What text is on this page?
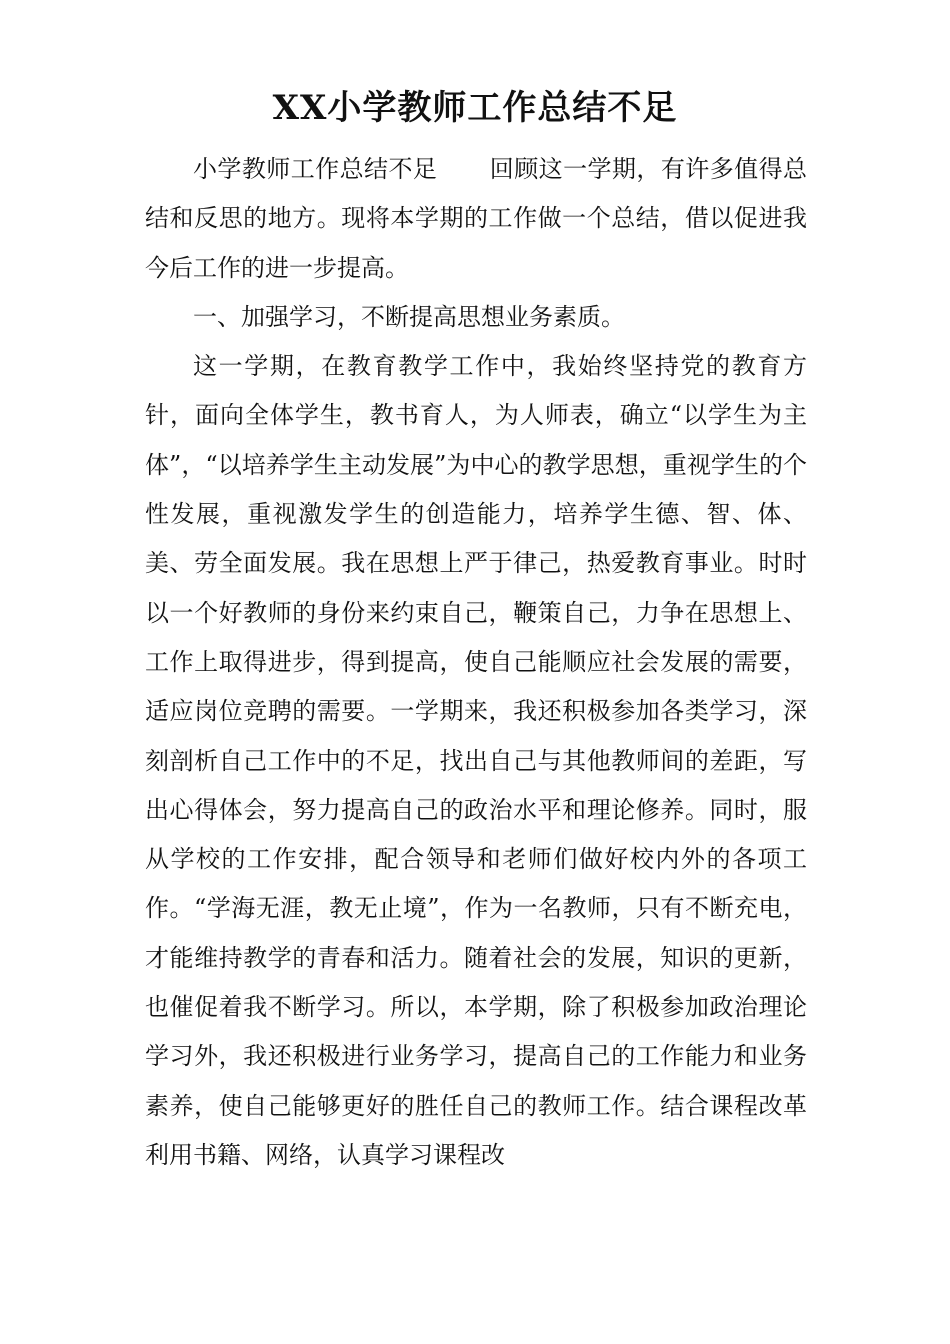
XX小学教师工作总结不足

小学教师工作总结不足 回顾这一学期，有许多值得总结和反思的地方。现将本学期的工作做一个总结，借以促进我今后工作的进一步提高。

一、加强学习，不断提高思想业务素质。

这一学期，在教育教学工作中，我始终坚持党的教育方针，面向全体学生，教书育人，为人师表，确立“以学生为主体”，“以培养学生主动发展”为中心的教学思想，重视学生的个性发展，重视激发学生的创造能力，培养学生德、智、体、美、劳全面发展。我在思想上严于律己，热爱教育事业。时时以一个好教师的身份来约束自己，鞭策自己，力争在思想上、工作上取得进步，得到提高，使自己能顺应社会发展的需要，适应岗位竞聘的需要。一学期来，我还积极参加各类学习，深刻剖析自己工作中的不足，找出自己与其他教师间的差距，写出心得体会，努力提高自己的政治水平和理论修养。同时，服从学校的工作安排，配合领导和老师们做好校内外的各项工作。“学海无涯，教无止境”，作为一名教师，只有不断充电，才能维持教学的青春和活力。随着社会的发展，知识的更新，也催促着我不断学习。所以，本学期，除了积极参加政治理论学习外，我还积极进行业务学习，提高自己的工作能力和业务素养，使自己能够更好的胜任自己的教师工作。结合课程改革利用书籍、网络，认真学习课程改
